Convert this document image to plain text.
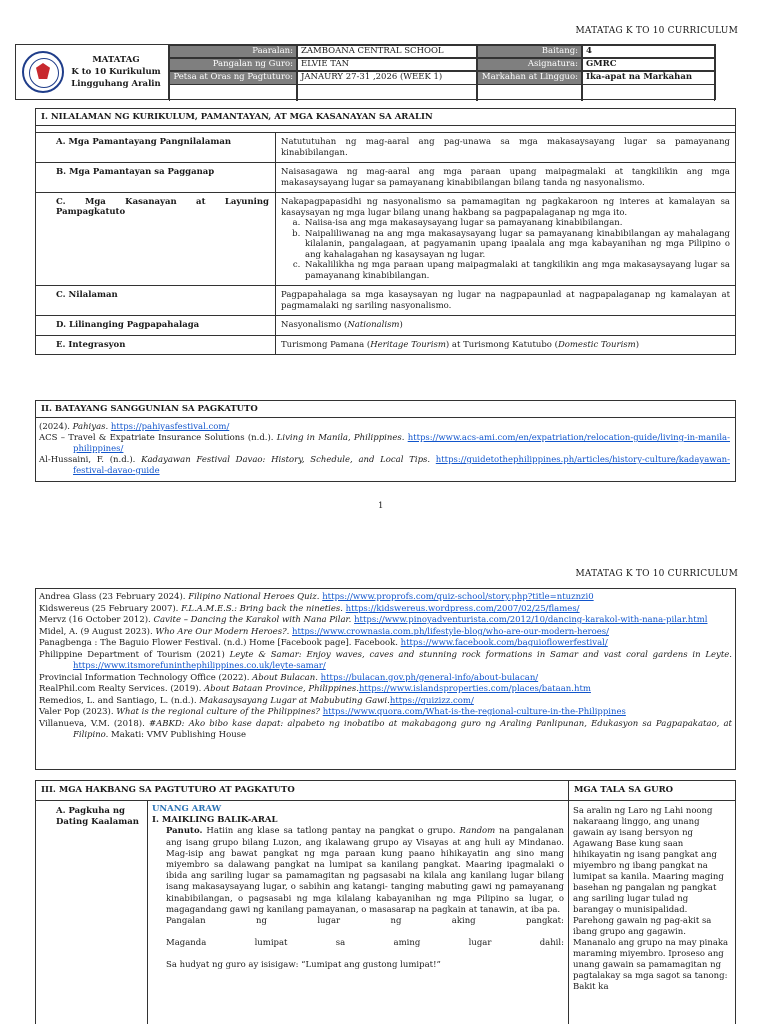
MATATAG K TO 10 CURRICULUM
MATATAG
K to 10 Kurikulum
Lingguhang Aralin
Paaralan: ZAMBOANA CENTRAL SCHOOL	Baitang: 4
Pangalan ng Guro: ELVIE TAN	Asignatura: GMRC
Petsa at Oras ng Pagtuturo: JANAURY 27-31 ,2026 (WEEK 1)	Markahan at Lingguo: Ika-apat na Markahan
I. NILALAMAN NG KURIKULUM, PAMANTAYAN, AT MGA KASANAYAN SA ARALIN
A. Mga Pamantayang Pangnilalaman	Natututuhan ng mag-aaral ang pag-unawa sa mga makasaysayang lugar sa pamayanang kinabibilangan.
B. Mga Pamantayan sa Pagganap	Naisasagawa ng mag-aaral ang mga paraan upang maipagmalaki at tangkilikin ang mga makasaysayang lugar sa pamayanang kinabibilangan bilang tanda ng nasyonalismo.
C. Mga Kasanayan at Layuning Pampagkatuto
Nakapagpapasidhi ng nasyonalismo sa pamamagitan ng pagkakaroon ng interes at kamalayan sa kasaysayan ng mga lugar bilang unang hakbang sa pagpapalaganap ng mga ito.
a. Naiisa-isa ang mga makasaysayang lugar sa pamayanang kinabibilangan.
b. Naipaliliwanag na ang mga makasaysayang lugar sa pamayanang kinabibilangan ay mahalagang kilalanin, pangalagaan, at pagyamanin upang ipaalala ang mga kabayanihan ng mga Pilipino o ang kahalagahan ng kasaysayan ng lugar.
c. Nakalilikha ng mga paraan upang maipagmalaki at tangkilikin ang mga makasaysayang lugar sa pamayanang kinabibilangan.
C. Nilalaman	Pagpapahalaga sa mga kasaysayan ng lugar na nagpapaunlad at nagpapalaganap ng kamalayan at pagmamalaki ng sariling nasyonalismo.
D. Lilinanging Pagpapahalaga	Nasyonalismo (Nationalism)
E. Integrasyon	Turismong Pamana (Heritage Tourism) at Turismong Katutubo (Domestic Tourism)
II. BATAYANG SANGGUNIAN SA PAGKATUTO
(2024). Pahiyas. https://pahiyasfestival.com/
ACS – Travel & Expatriate Insurance Solutions (n.d.). Living in Manila, Philippines. https://www.acs-ami.com/en/expatriation/relocation-guide/living-in-manila-philippines/
Al-Hussaini, F. (n.d.). Kadayawan Festival Davao: History, Schedule, and Local Tips. https://guidetothephilippines.ph/articles/history-culture/kadayawan-festival-davao-guide
1
MATATAG K TO 10 CURRICULUM
Andrea Glass (23 February 2024). Filipino National Heroes Quiz. https://www.proprofs.com/quiz-school/story.php?title=ntuznzi0
Kidswereus (25 February 2007). F.L.A.M.E.S.: Bring back the nineties. https://kidswereus.wordpress.com/2007/02/25/flames/
Mervz (16 October 2012). Cavite – Dancing the Karakol with Nana Pilar. https://www.pinoyadventurista.com/2012/10/dancing-karakol-with-nana-pilar.html
Midel, A. (9 August 2023). Who Are Our Modern Heroes?. https://www.crownasia.com.ph/lifestyle-blog/who-are-our-modern-heroes/
Panagbenga : The Baguio Flower Festival. (n.d.) Home [Facebook page]. Facebook. https://www.facebook.com/baguioflowerfestival/
Philippine Department of Tourism (2021) Leyte & Samar: Enjoy waves, caves and stunning rock formations in Samar and vast coral gardens in Leyte. https://www.itsmorefuninthephilippines.co.uk/leyte-samar/
Provincial Information Technology Office (2022). About Bulacan. https://bulacan.gov.ph/general-info/about-bulacan/
RealPhil.com Realty Services. (2019). About Bataan Province, Philippines.https://www.islandsproperties.com/places/bataan.htm
Remedios, L. and Santiago, L. (n.d.). Makasaysayang Lugar at Mabubuting Gawi.https://quizizz.com/
Valer Pop (2023). What is the regional culture of the Philippines? https://www.quora.com/What-is-the-regional-culture-in-the-Philippines
Villanueva, V.M. (2018). #ABKD: Ako bibo kase dapat: alpabeto ng inobatibo at makabagong guro ng Araling Panlipunan, Edukasyon sa Pagpapakatao, at Filipino. Makati: VMV Publishing House
III. MGA HAKBANG SA PAGTUTURO AT PAGKATUTO	MGA TALA SA GURO
A. Pagkuha ng Dating Kaalaman
UNANG ARAW
I. MAIKLING BALIK-ARAL
Panuto. Hatiin ang klase sa tatlong pantay na pangkat o grupo. Random na pangalanan ang isang grupo bilang Luzon, ang ikalawang grupo ay Visayas at ang huli ay Mindanao. Mag-isip ang bawat pangkat ng mga paraan kung paano hihikayatin ang sino mang miyembro sa dalawang pangkat na lumipat sa kanilang pangkat. Maaring ipagmalaki o ibida ang sariling lugar sa pamamagitan ng pagsasabi na kilala ang kanilang lugar bilang isang makasaysayang lugar, o sabihin ang katangi- tanging mabuting gawi ng pamayanang kinabibilangan, o pagsasabi ng mga kilalang kabayanihan ng mga Pilipino sa lugar, o magagandang gawi ng kanilang pamayanan, o masasarap na pagkain at tanawin, at iba pa.
Pangalan	ng	lugar	ng	aking	pangkat:
Maganda	lumipat	sa	aming	lugar	dahil:
Sa hudyat ng guro ay isisigaw: “Lumipat ang gustong lumipat!”
Sa aralin ng Laro ng Lahi noong nakaraang linggo, ang unang gawain ay isang bersyon ng Agawang Base kung saan hihikayatin ng isang pangkat ang miyembro ng ibang pangkat na lumipat sa kanila. Maaring maging basehan ng pangalan ng pangkat ang sariling lugar tulad ng barangay o munisipalidad. Parehong gawain ng pag-akit sa ibang grupo ang gagawin. Mananalo ang grupo na may pinaka maraming miyembro. Iproseso ang unang gawain sa pamamagitan ng pagtalakay sa mga sagot sa tanong: Bakit ka
